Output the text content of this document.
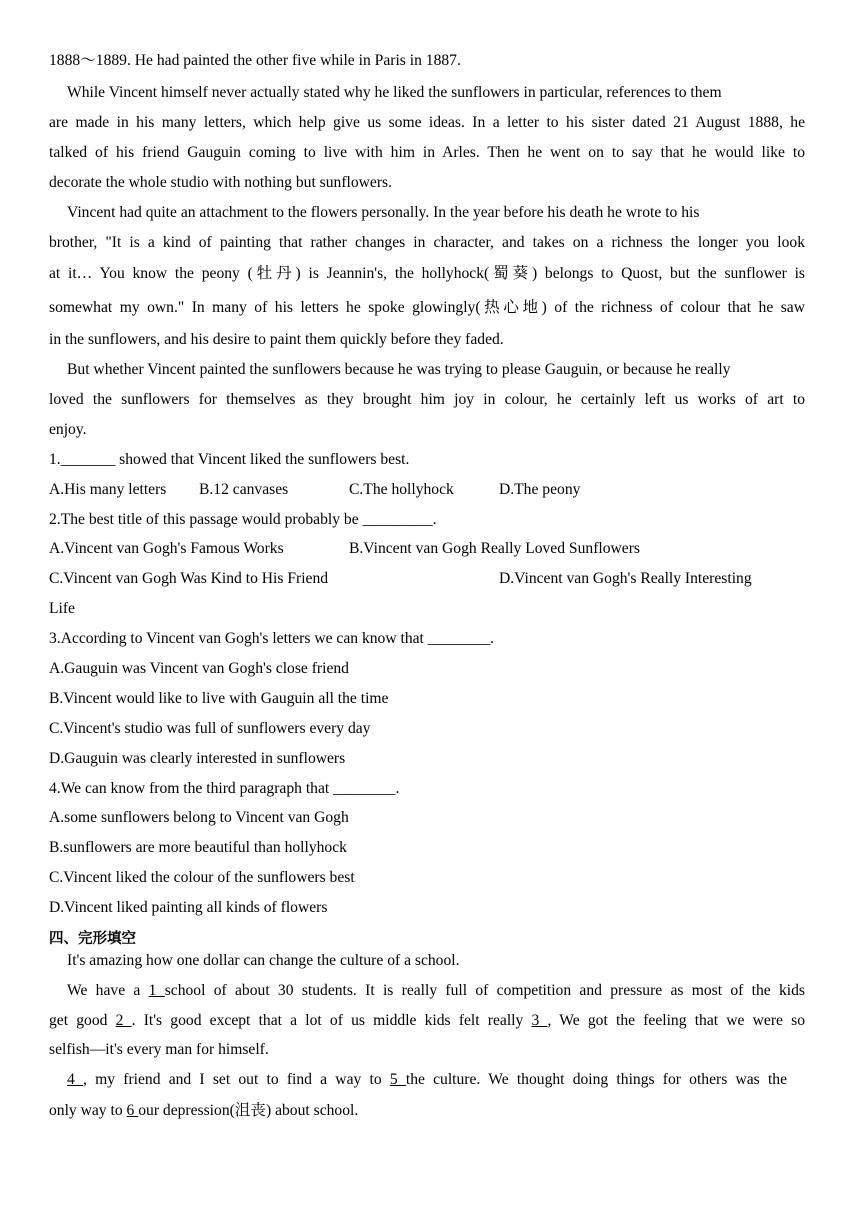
1888～1889. He had painted the other five while in Paris in 1887.
While Vincent himself never actually stated why he liked the sunflowers in particular, references to them
are made in his many letters, which help give us some ideas. In a letter to his sister dated 21 August 1888, he
talked of his friend Gauguin coming to live with him in Arles. Then he went on to say that he would like to
decorate the whole studio with nothing but sunflowers.
Vincent had quite an attachment to the flowers personally. In the year before his death he wrote to his
brother, "It is a kind of painting that rather changes in character, and takes on a richness the longer you look
at it… You know the peony (牡丹) is Jeannin's, the hollyhock(蜀葵) belongs to Quost, but the sunflower is
somewhat my own." In many of his letters he spoke glowingly(热心地) of the richness of colour that he saw
in the sunflowers, and his desire to paint them quickly before they faded.
But whether Vincent painted the sunflowers because he was trying to please Gauguin, or because he really
loved the sunflowers for themselves as they brought him joy in colour, he certainly left us works of art to
enjoy.
1._______ showed that Vincent liked the sunflowers best.
A.His many letters B.12 canvases	C.The hollyhock	D.The peony
2.The best title of this passage would probably be _________.
A.Vincent van Gogh's Famous Works	B.Vincent van Gogh Really Loved Sunflowers
C.Vincent van Gogh Was Kind to His Friend	D.Vincent van Gogh's Really Interesting
Life
3.According to Vincent van Gogh's letters we can know that ________.
A.Gauguin was Vincent van Gogh's close friend
B.Vincent would like to live with Gauguin all the time
C.Vincent's studio was full of sunflowers every day
D.Gauguin was clearly interested in sunflowers
4.We can know from the third paragraph that ________.
A.some sunflowers belong to Vincent van Gogh
B.sunflowers are more beautiful than hollyhock
C.Vincent liked the colour of the sunflowers best
D.Vincent liked painting all kinds of flowers
四、完形填空
It's amazing how one dollar can change the culture of a school.
We have a 1 school of about 30 students. It is really full of competition and pressure as most of the kids
get good 2 . It's good except that a lot of us middle kids felt really 3 , We got the feeling that we were so
selfish—it's every man for himself.
4 , my friend and I set out to find a way to 5 the culture. We thought doing things for others was the
only way to 6 our depression(沮丧) about school.
